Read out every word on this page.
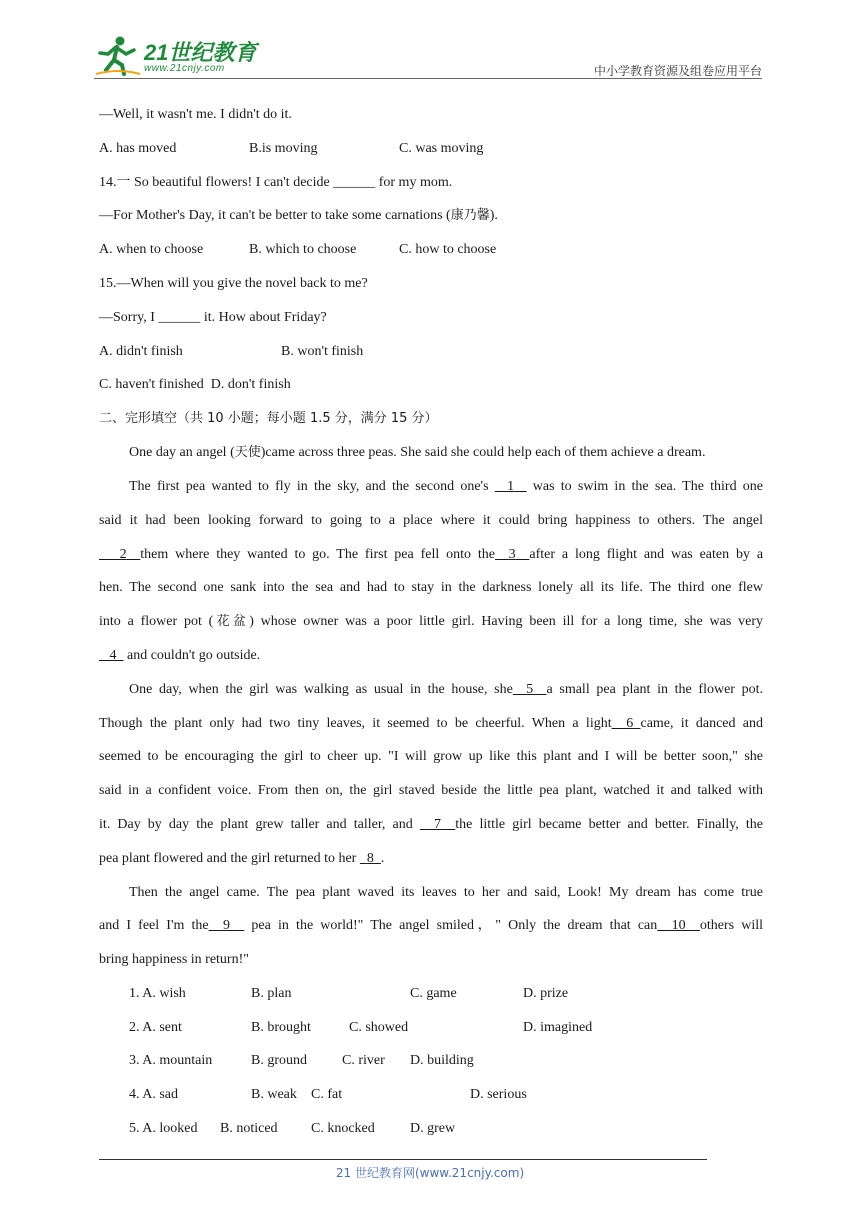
21世纪教育
www.21cnjy.com	中小学教育资源及组卷应用平台
—Well, it wasn't me. I didn't do it.
A. has moved	B.is moving	C. was moving
14.一 So beautiful flowers! I can't decide ______ for my mom.
—For Mother's Day, it can't be better to take some carnations (康乃馨).
A. when to choose	B. which to choose	C. how to choose
15.—When will you give the novel back to me?
—Sorry, I ______ it. How about Friday?
A. didn't finish	B. won't finish
C. haven't finished D. don't finish
二、完形填空（共 10 小题；每小题 1.5 分，满分 15 分）
One day an angel (天使)came across three peas. She said she could help each of them achieve a dream.
The first pea wanted to fly in the sky, and the second one's   1   was to swim in the sea. The third one
said it had been looking forward to going to a place where it could bring happiness to others. The angel
2 them where they wanted to go. The first pea fell onto the 3 after a long flight and was eaten by a
hen. The second one sank into the sea and had to stay in the darkness lonely all its life. The third one flew
into a flower pot (花盆) whose owner was a poor little girl. Having been ill for a long time, she was very
4   and couldn't go outside.
One day, when the girl was walking as usual in the house, she 5 a small pea plant in the flower pot.
Though the plant only had two tiny leaves, it seemed to be cheerful. When a light 6 came, it danced and
seemed to be encouraging the girl to cheer up. "I will grow up like this plant and I will be better soon," she
said in a confident voice. From then on, the girl staved beside the little pea plant, watched it and talked with
it. Day by day the plant grew taller and taller, and   7 the little girl became better and better. Finally, the
pea plant flowered and the girl returned to her   8 .
Then the angel came. The pea plant waved its leaves to her and said, Look! My dream has come true
and I feel I'm the 9   pea in the world!" The angel smiled，" Only the dream that can 10 others will
bring happiness in return!"
1. A. wish	B. plan	C. game	D. prize
2. A. sent	B. brought	C. showed	D. imagined
3. A. mountain	B. ground	C. river D. building
4. A. sad	B. weak C. fat	D. serious
5. A. looked B. noticed C. knocked	D. grew
21 世纪教育网(www.21cnjy.com)
